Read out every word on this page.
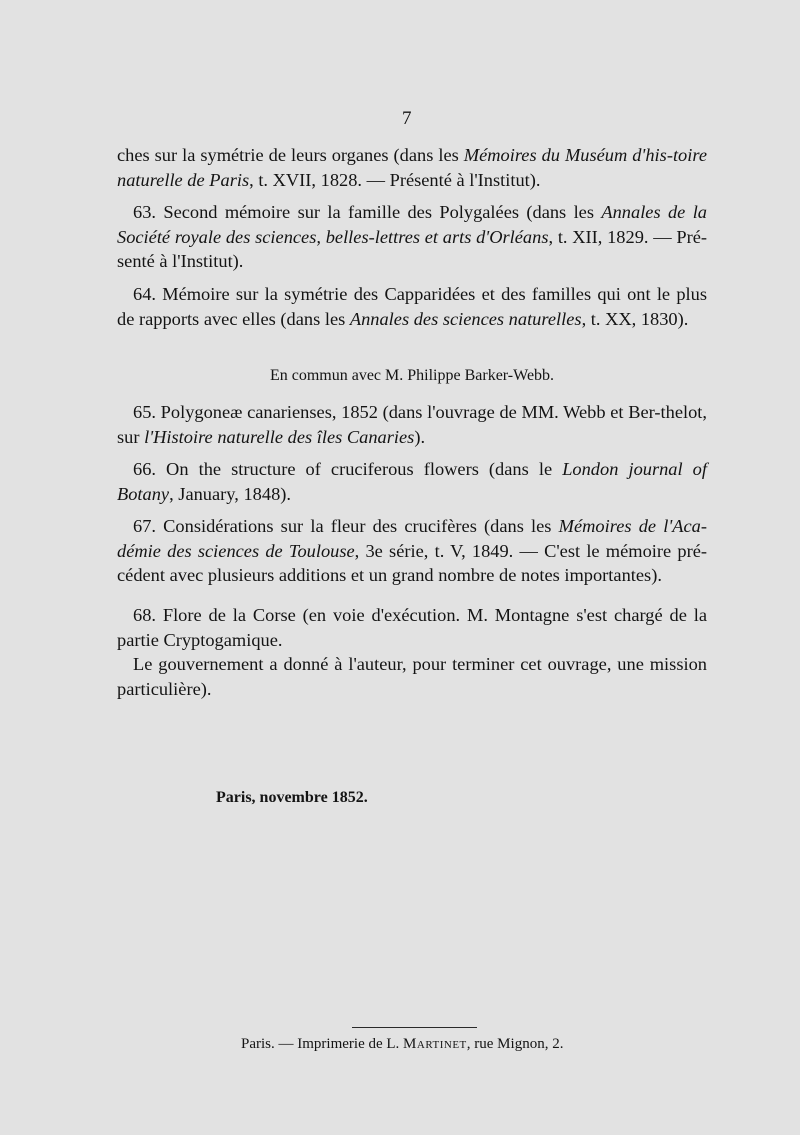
7

ches sur la symétrie de leurs organes (dans les Mémoires du Muséum d'his-toire naturelle de Paris, t. XVII, 1828. — Présenté à l'Institut).

63. Second mémoire sur la famille des Polygalées (dans les Annales de la Société royale des sciences, belles-lettres et arts d'Orléans, t. XII, 1829. — Pré-senté à l'Institut).

64. Mémoire sur la symétrie des Capparidées et des familles qui ont le plus de rapports avec elles (dans les Annales des sciences naturelles, t. XX, 1830).

En commun avec M. Philippe Barker-Webb.

65. Polygoneæ canarienses, 1852 (dans l'ouvrage de MM. Webb et Ber-thelot, sur l'Histoire naturelle des îles Canaries).

66. On the structure of cruciferous flowers (dans le London journal of Botany, January, 1848).

67. Considérations sur la fleur des crucifères (dans les Mémoires de l'Aca-démie des sciences de Toulouse, 3e série, t. V, 1849. — C'est le mémoire pré-cédent avec plusieurs additions et un grand nombre de notes importantes).

68. Flore de la Corse (en voie d'exécution. M. Montagne s'est chargé de la partie Cryptogamique.

Le gouvernement a donné à l'auteur, pour terminer cet ouvrage, une mission particulière).

Paris, novembre 1852.

Paris. — Imprimerie de L. Martinet, rue Mignon, 2.
